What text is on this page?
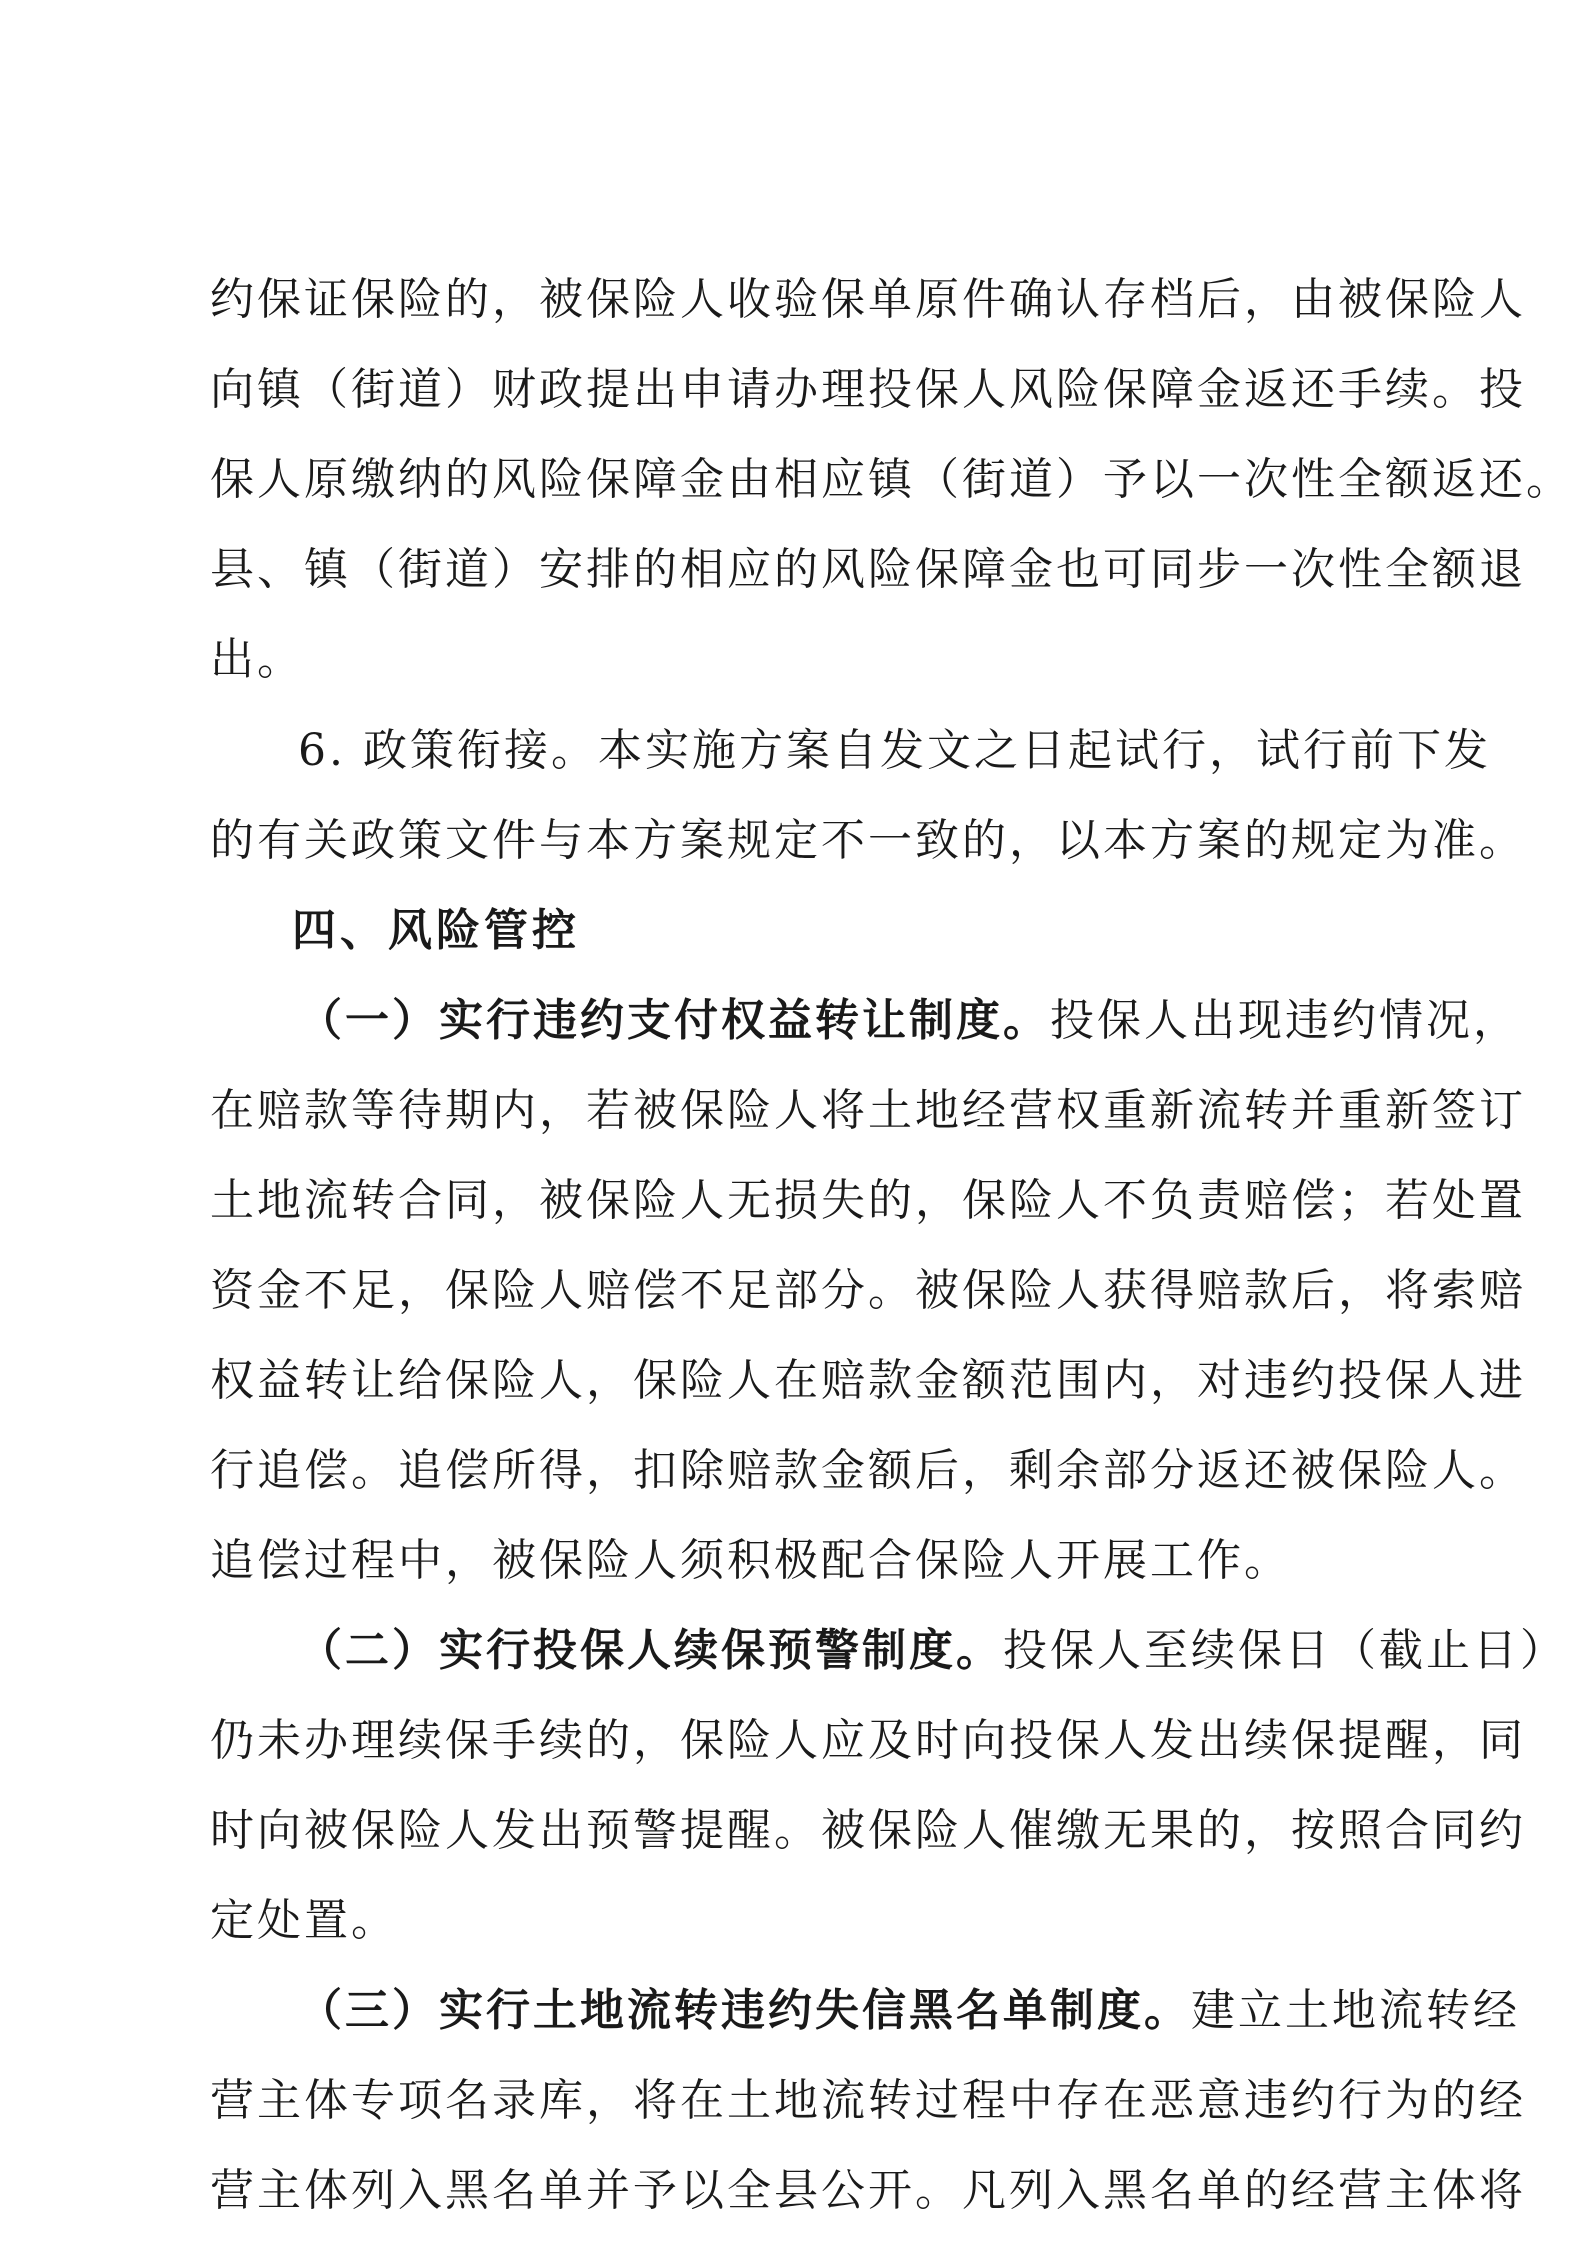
约保证保险的，被保险人收验保单原件确认存档后，由被保险人
向镇（街道）财政提出申请办理投保人风险保障金返还手续。投
保人原缴纳的风险保障金由相应镇（街道）予以一次性全额返还。
县、镇（街道）安排的相应的风险保障金也可同步一次性全额退
出。
6. 政策衔接。本实施方案自发文之日起试行，试行前下发
的有关政策文件与本方案规定不一致的，以本方案的规定为准。
四、风险管控
（一）实行违约支付权益转让制度。投保人出现违约情况，
在赔款等待期内，若被保险人将土地经营权重新流转并重新签订
土地流转合同，被保险人无损失的，保险人不负责赔偿；若处置
资金不足，保险人赔偿不足部分。被保险人获得赔款后，将索赔
权益转让给保险人，保险人在赔款金额范围内，对违约投保人进
行追偿。追偿所得，扣除赔款金额后，剩余部分返还被保险人。
追偿过程中，被保险人须积极配合保险人开展工作。
（二）实行投保人续保预警制度。投保人至续保日（截止日）
仍未办理续保手续的，保险人应及时向投保人发出续保提醒，同
时向被保险人发出预警提醒。被保险人催缴无果的，按照合同约
定处置。
（三）实行土地流转违约失信黑名单制度。建立土地流转经
营主体专项名录库，将在土地流转过程中存在恶意违约行为的经
营主体列入黑名单并予以全县公开。凡列入黑名单的经营主体将
